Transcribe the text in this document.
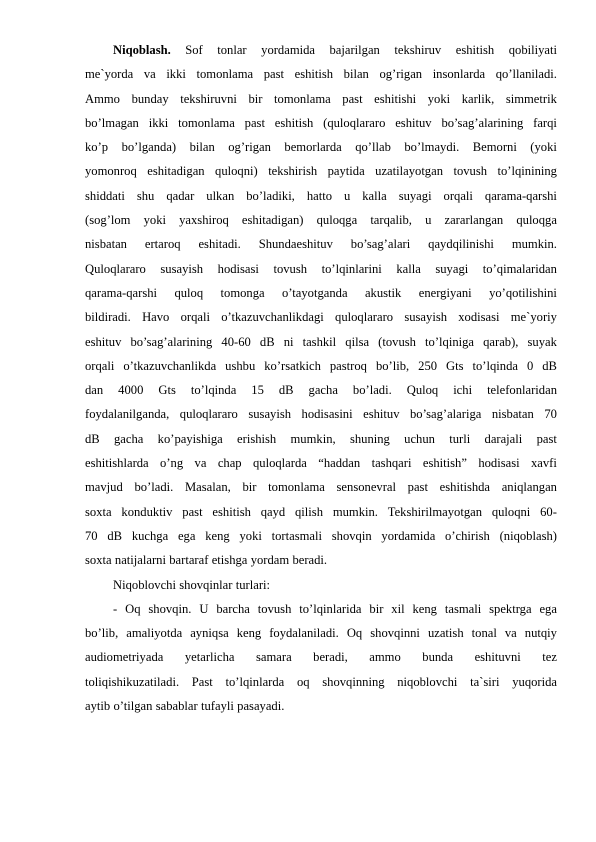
Niqoblash. Sof tonlar yordamida bajarilgan tekshiruv eshitish qobiliyati
me`yorda va ikki tomonlama past eshitish bilan og’rigan insonlarda qo’llaniladi.
Ammo bunday tekshiruvni bir tomonlama past eshitishi yoki karlik, simmetrik
bo’lmagan ikki tomonlama past eshitish (quloqlararo eshituv bo’sag’alarining farqi
ko’p bo’lganda) bilan og’rigan bemorlarda qo’llab bo’lmaydi. Bemorni (yoki
yomonroq eshitadigan quloqni) tekshirish paytida uzatilayotgan tovush to’lqinining
shiddati shu qadar ulkan bo’ladiki, hatto u kalla suyagi orqali qarama-qarshi
(sog’lom yoki yaxshiroq eshitadigan) quloqga tarqalib, u zararlangan quloqga
nisbatan ertaroq eshitadi. Shundaeshituv bo’sag’alari qaydqilinishi mumkin.
Quloqlararo susayish hodisasi tovush to’lqinlarini kalla suyagi to’qimalaridan
qarama-qarshi quloq tomonga o’tayotganda akustik energiyani yo’qotilishini
bildiradi. Havo orqali o’tkazuvchanlikdagi quloqlararo susayish xodisasi me`yoriy
eshituv bo’sag’alarining 40-60 dB ni tashkil qilsa (tovush to’lqiniga qarab), suyak
orqali o’tkazuvchanlikda ushbu ko’rsatkich pastroq bo’lib, 250 Gts to’lqinda 0 dB
dan 4000 Gts to’lqinda 15 dB gacha bo’ladi. Quloq ichi telefonlaridan
foydalanilganda, quloqlararo susayish hodisasini eshituv bo’sag’alariga nisbatan 70
dB gacha ko’payishiga erishish mumkin, shuning uchun turli darajali past
eshitishlarda o’ng va chap quloqlarda “haddan tashqari eshitish” hodisasi xavfi
mavjud bo’ladi. Masalan, bir tomonlama sensonevral past eshitishda aniqlangan
soxta konduktiv past eshitish qayd qilish mumkin. Tekshirilmayotgan quloqni 60-
70 dB kuchga ega keng yoki tortasmali shovqin yordamida o’chirish (niqoblash)
soxta natijalarni bartaraf etishga yordam beradi.
Niqoblovchi shovqinlar turlari:
- Oq shovqin. U barcha tovush to’lqinlarida bir xil keng tasmali spektrga ega
bo’lib, amaliyotda ayniqsa keng foydalaniladi. Oq shovqinni uzatish tonal va nutqiy
audiometriyada yetarlicha samara beradi, ammo bunda eshituvni tez
toliqishikuzatiladi. Past to’lqinlarda oq shovqinning niqoblovchi ta`siri yuqorida
aytib o’tilgan sabablar tufayli pasayadi.
